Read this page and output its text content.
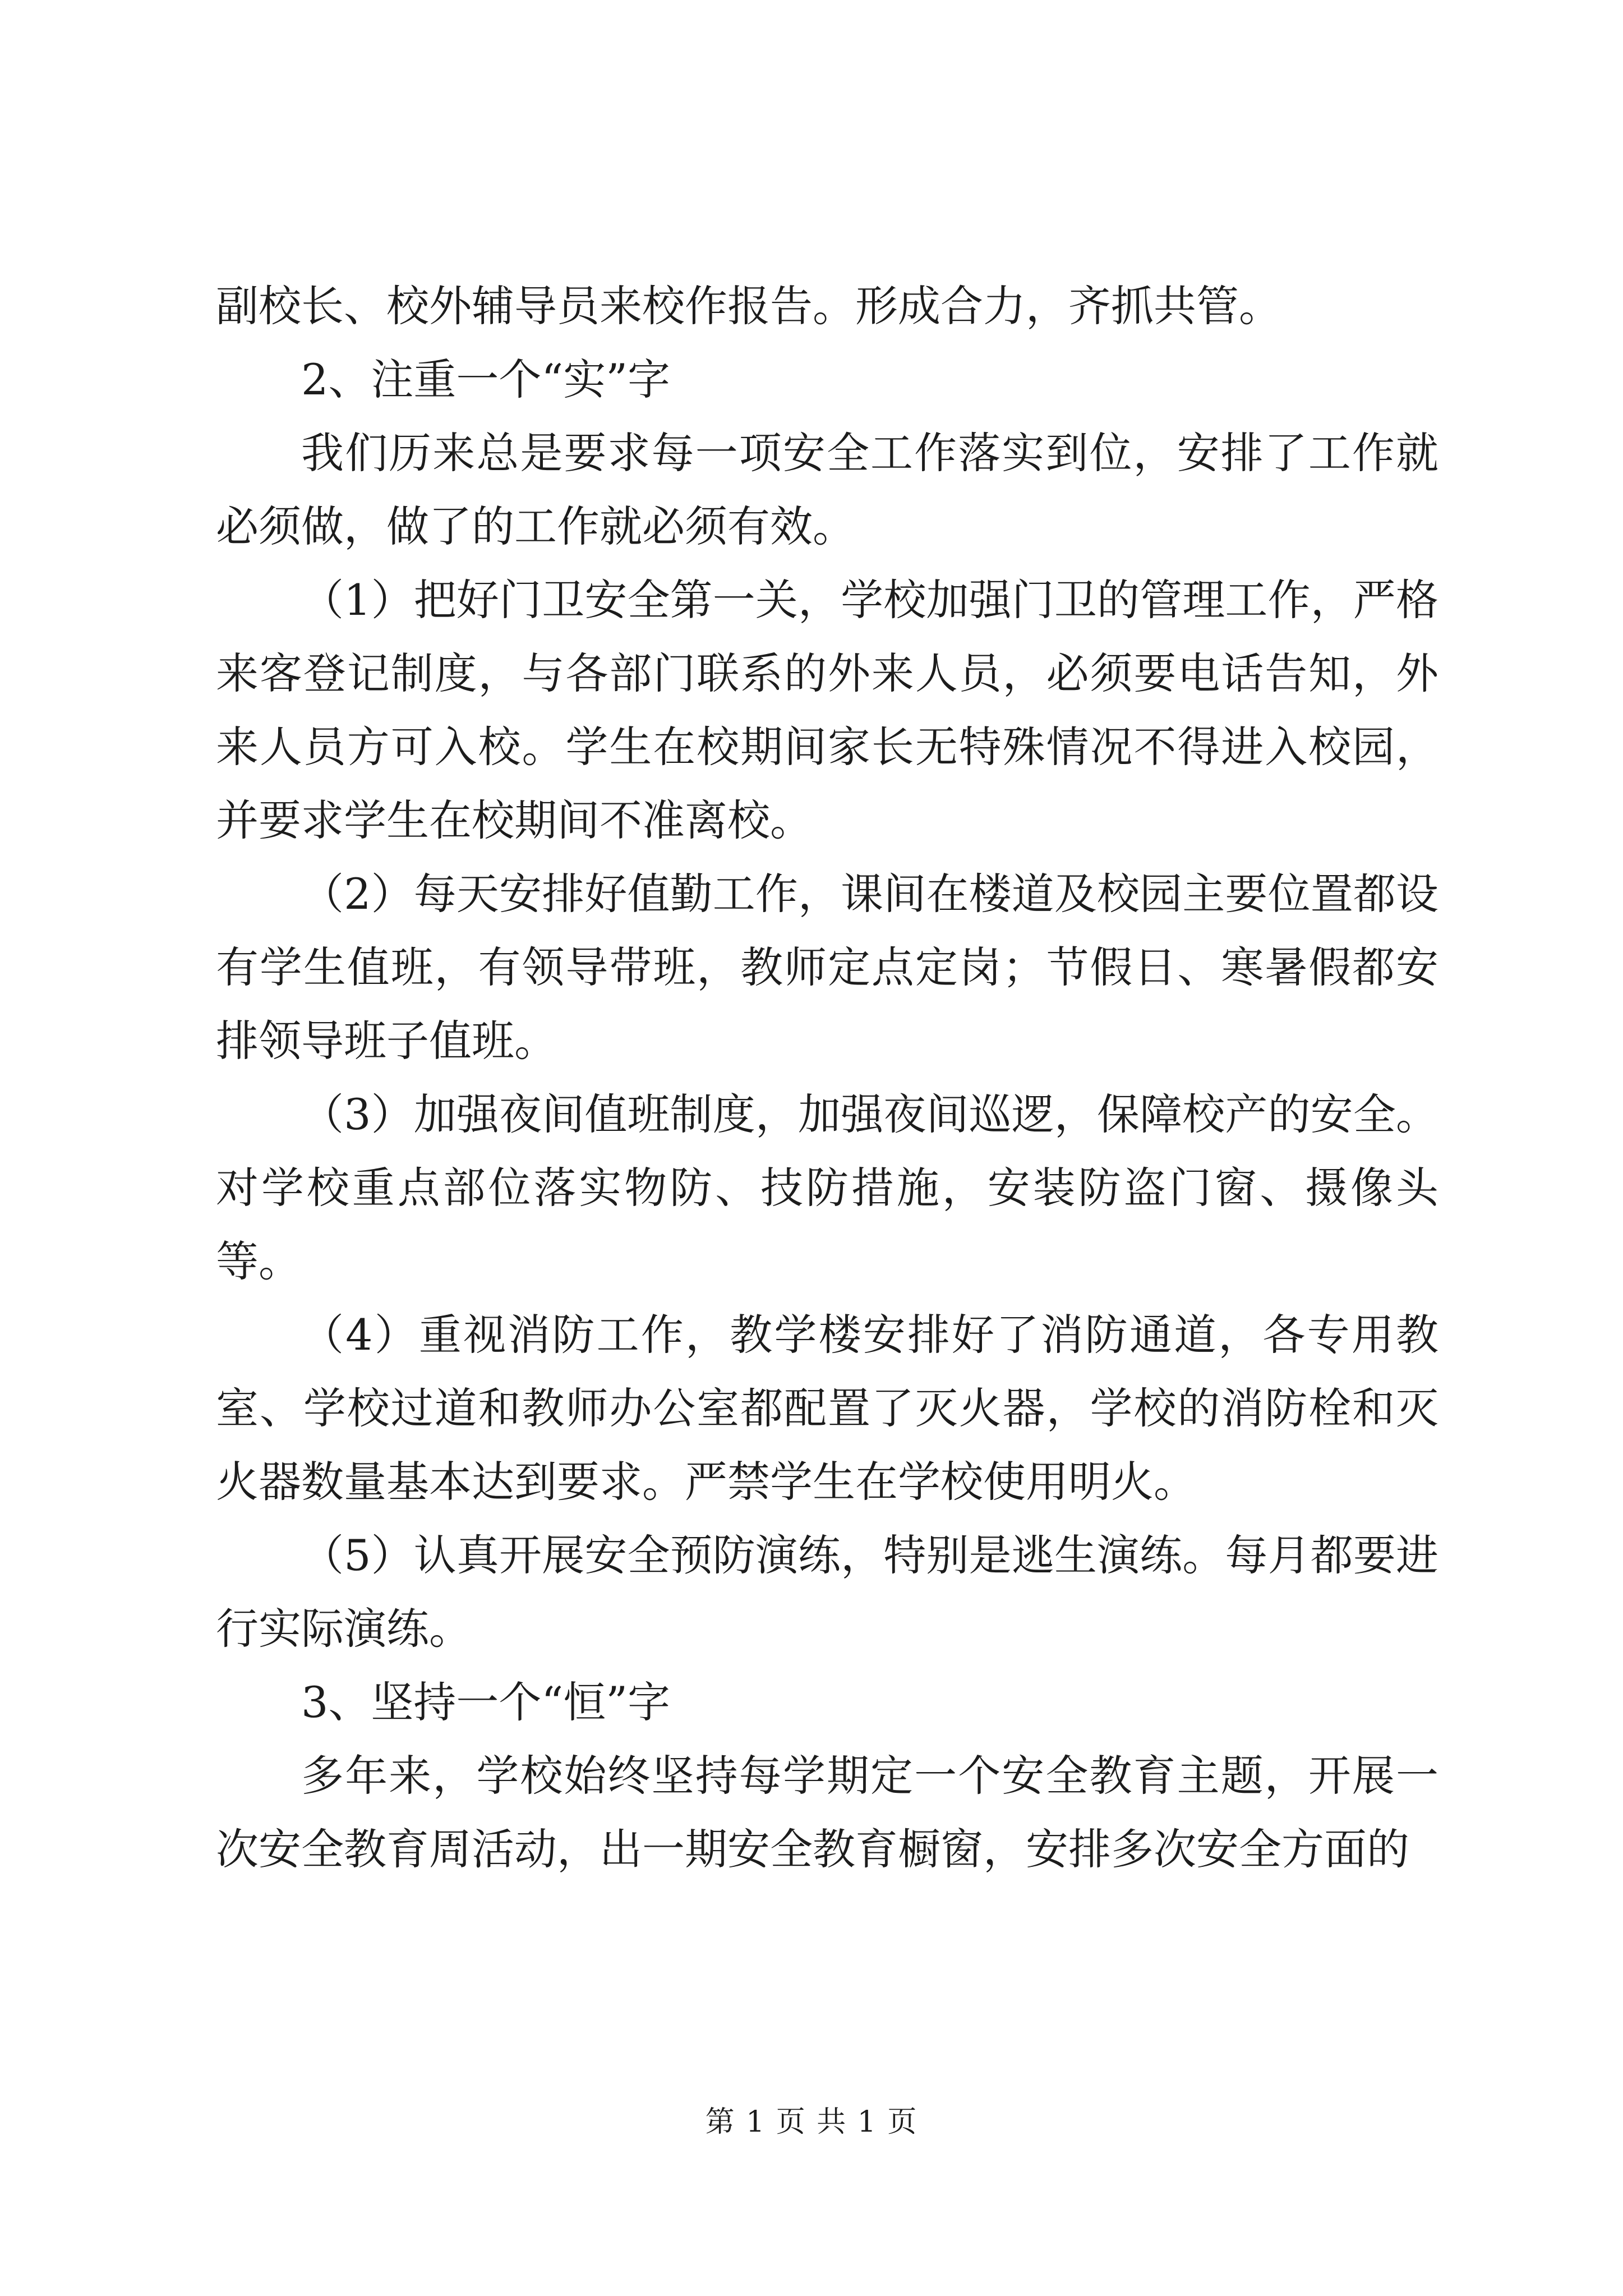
副校长、校外辅导员来校作报告。形成合力，齐抓共管。

2、注重一个“实”字

我们历来总是要求每一项安全工作落实到位，安排了工作就必须做，做了的工作就必须有效。

（1）把好门卫安全第一关，学校加强门卫的管理工作，严格来客登记制度，与各部门联系的外来人员，必须要电话告知，外来人员方可入校。学生在校期间家长无特殊情况不得进入校园，并要求学生在校期间不准离校。

（2）每天安排好值勤工作，课间在楼道及校园主要位置都设有学生值班，有领导带班，教师定点定岗；节假日、寒暑假都安排领导班子值班。

（3）加强夜间值班制度，加强夜间巡逻，保障校产的安全。对学校重点部位落实物防、技防措施，安装防盗门窗、摄像头等。

（4）重视消防工作，教学楼安排好了消防通道，各专用教室、学校过道和教师办公室都配置了灭火器，学校的消防栓和灭火器数量基本达到要求。严禁学生在学校使用明火。

（5）认真开展安全预防演练，特别是逃生演练。每月都要进行实际演练。

3、坚持一个“恒”字

多年来，学校始终坚持每学期定一个安全教育主题，开展一次安全教育周活动，出一期安全教育橱窗，安排多次安全方面的

第 1 页 共 1 页
